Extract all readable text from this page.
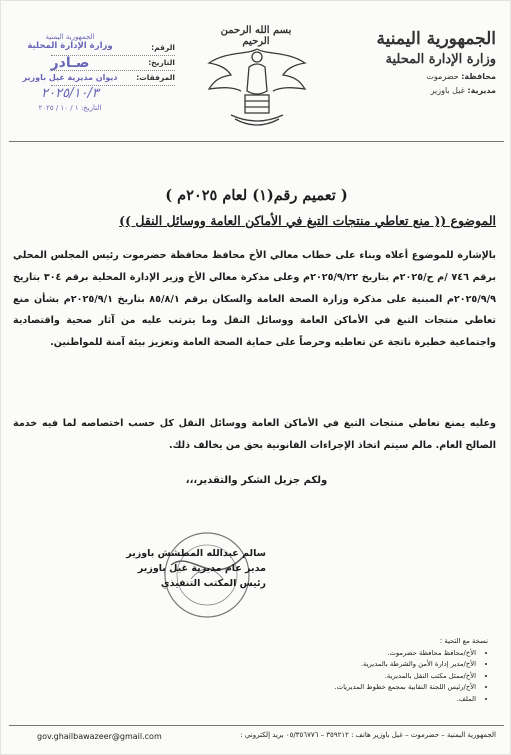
الجمهورية اليمنية
وزارة الإدارة المحلية
محافظة: حضرموت
مديرية: غيل باوزير
بسم الله الرحمن الرحيم
الرقم:
التاريخ:
المرفقات:
الجمهورية اليمنية
وزارة الإدارة المحلية
صـادر
ديوان مديرية غيل باوزير
٢٠٢٥/١٠/٣
التاريخ: ١ / ١٠ / ٢٠٢٥
( تعميم رقم(١) لعام ٢٠٢٥م )
الموضوع (( منع تعاطي منتجات التبغ في الأماكن العامة ووسائل النقل ))
بالإشارة للموضوع أعلاه وبناء على خطاب معالي الأخ محافظ محافظة حضرموت رئيس المجلس المحلي برقم ٧٤٦ /م ح/٢٠٢٥م بتاريخ ٢٠٢٥/٩/٢٢م وعلى مذكرة معالي الأخ وزير الإدارة المحلية برقم ٣٠٤ بتاريخ ٢٠٢٥/٩/٩م المبنية على مذكرة وزارة الصحة العامة والسكان برقم ٨٥/٨/١ بتاريخ ٢٠٢٥/٩/١م بشأن منع تعاطي منتجات التبغ في الأماكن العامة ووسائل النقل وما يترتب عليه من آثار صحية واقتصادية واجتماعية خطيرة ناتجة عن تعاطيه وحرصاً على حماية الصحة العامة وتعزيز بيئة آمنة للمواطنين.
وعليه يمنع تعاطي منتجات التبغ في الأماكن العامة ووسائل النقل كل حسب اختصاصه لما فيه خدمة الصالح العام. مالم سيتم اتخاذ الإجراءات القانونية بحق من يخالف ذلك.
ولكم جزيل الشكر والتقدير،،،
سالم عبدالله المطشش باوزير
مدير عام مديرية غيل باوزير
رئيس المكتب التنفيذي
نسخة مع التحية :
• الأخ/محافظ محافظة حضرموت.
• الأخ/مدير إدارة الأمن والشرطة بالمديرية.
• الأخ/ممثل مكتب النقل بالمديرية.
• الأخ/رئيس اللجنة النقابية بمجمع خطوط المديريات.
• الملف.
الجمهورية اليمنية – حضرموت – غيل باوزير هاتف : ٣٥٩٢١٢ – ٠٥/٣٥٦٧٧٦ بريد إلكتروني :
gov.ghailbawazeer@gmail.com
